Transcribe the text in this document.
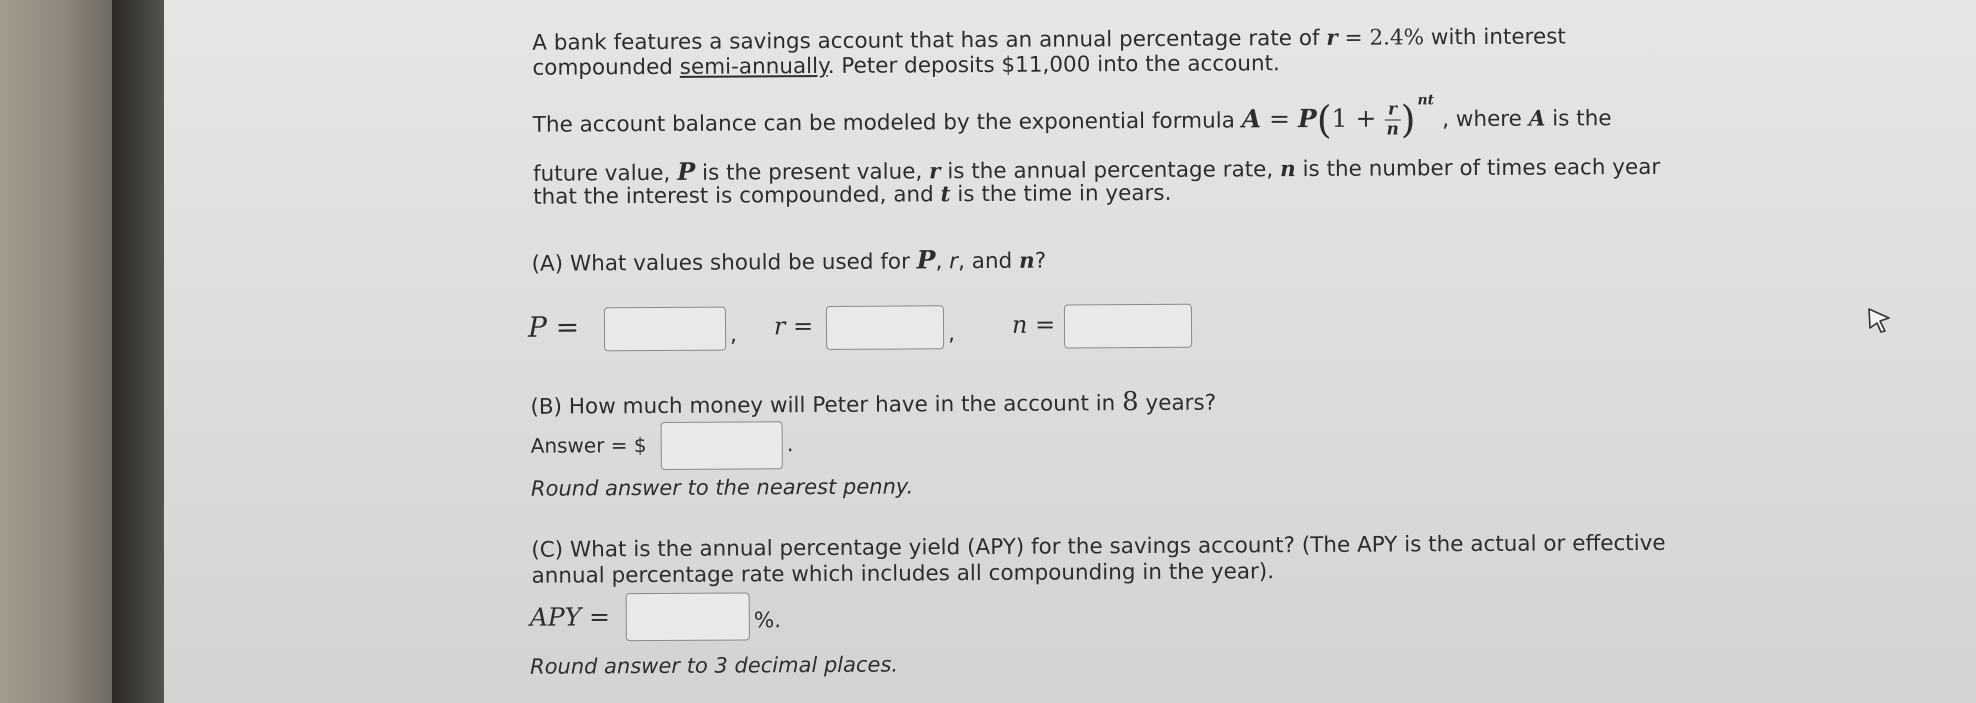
A bank features a savings account that has an annual percentage rate of r = 2.4% with interest
compounded semi-annually. Peter deposits $11,000 into the account.
The account balance can be modeled by the exponential formula $A = P(1 + \frac{r}{n}$ ) $^{nt}$ , where A is the
future value, P is the present value, r is the annual percentage rate, n is the number of times each year
that the interest is compounded, and t is the time in years.
(A) What values should be used for P, r, and n?
P =	, r =	, n =
(B) How much money will Peter have in the account in 8 years?
Answer = $	.
Round answer to the nearest penny.
(C) What is the annual percentage yield (APY) for the savings account? (The APY is the actual or effective
annual percentage rate which includes all compounding in the year).
APY =	%.
Round answer to 3 decimal places.
